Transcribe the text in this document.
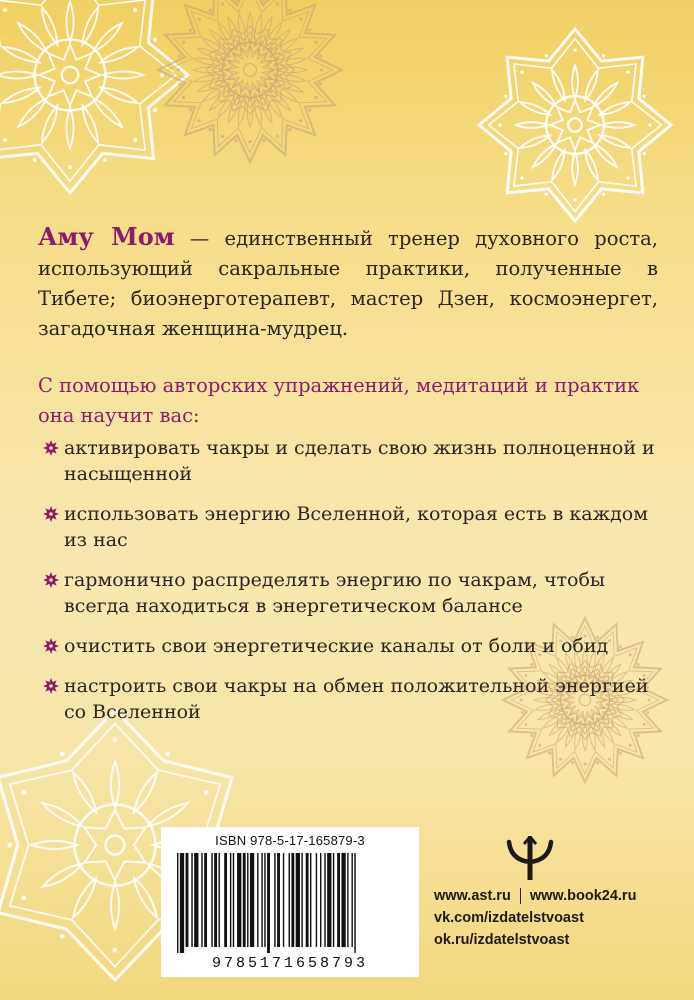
Аму Мом — единственный тренер духовного роста, использующий сакральные практики, полученные в Тибете; биоэнерготерапевт, мастер Дзен, космоэнергет, загадочная женщина-мудрец.

С помощью авторских упражнений, медитаций и практик она научит вас:

активировать чакры и сделать свою жизнь полноценной и насыщенной
использовать энергию Вселенной, которая есть в каждом из нас
гармонично распределять энергию по чакрам, чтобы всегда находиться в энергетическом балансе
очистить свои энергетические каналы от боли и обид
настроить свои чакры на обмен положительной энергией со Вселенной
ISBN 978-5-17-165879-3
9785171658793
www.ast.ru www.book24.ru
vk.com/izdatelstvoast
ok.ru/izdatelstvoast
